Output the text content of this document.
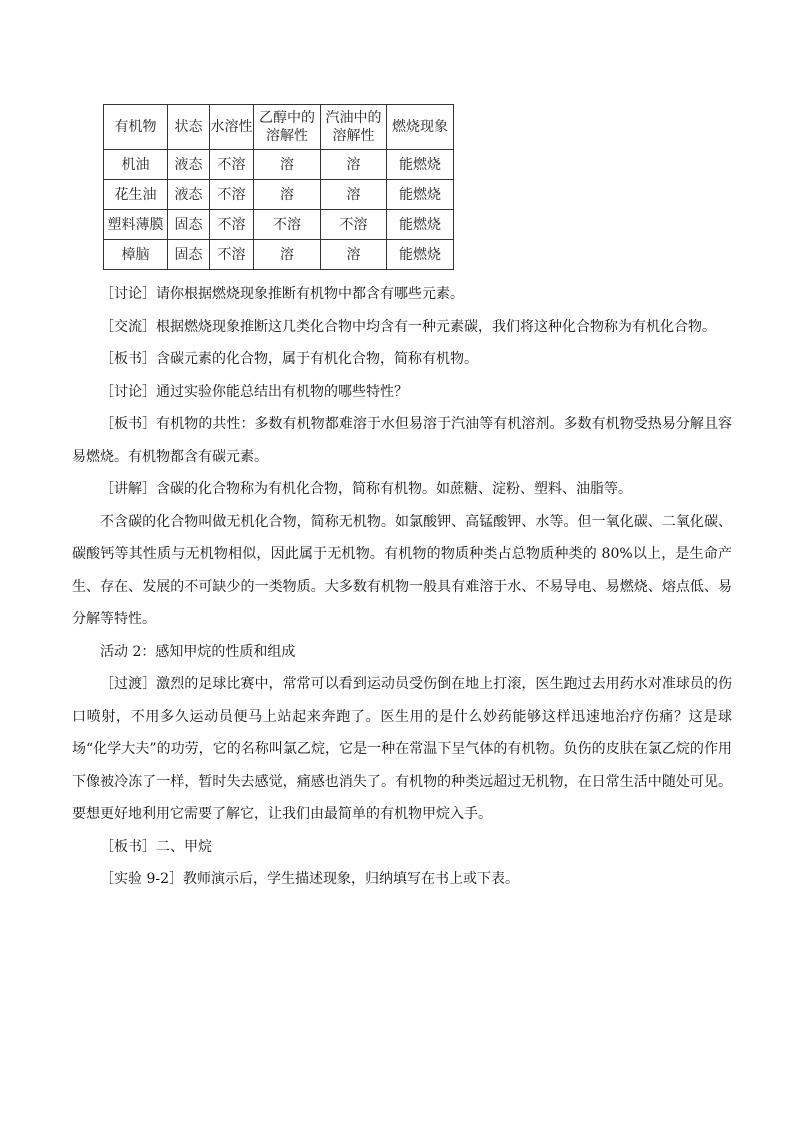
有机物	状态	水溶性	乙醇中的溶解性	汽油中的溶解性	燃烧现象
机油	液态	不溶	溶	溶	能燃烧
花生油	液态	不溶	溶	溶	能燃烧
塑料薄膜	固态	不溶	不溶	不溶	能燃烧
樟脑	固态	不溶	溶	溶	能燃烧

［讨论］请你根据燃烧现象推断有机物中都含有哪些元素。

［交流］根据燃烧现象推断这几类化合物中均含有一种元素碳，我们将这种化合物称为有机化合物。

［板书］含碳元素的化合物，属于有机化合物，简称有机物。

［讨论］通过实验你能总结出有机物的哪些特性？

［板书］有机物的共性：多数有机物都难溶于水但易溶于汽油等有机溶剂。多数有机物受热易分解且容易燃烧。有机物都含有碳元素。

［讲解］含碳的化合物称为有机化合物，简称有机物。如蔗糖、淀粉、塑料、油脂等。

不含碳的化合物叫做无机化合物，简称无机物。如氯酸钾、高锰酸钾、水等。但一氧化碳、二氧化碳、碳酸钙等其性质与无机物相似，因此属于无机物。有机物的物质种类占总物质种类的 80%以上，是生命产生、存在、发展的不可缺少的一类物质。大多数有机物一般具有难溶于水、不易导电、易燃烧、熔点低、易分解等特性。

活动 2：感知甲烷的性质和组成

［过渡］激烈的足球比赛中，常常可以看到运动员受伤倒在地上打滚，医生跑过去用药水对准球员的伤口喷射，不用多久运动员便马上站起来奔跑了。医生用的是什么妙药能够这样迅速地治疗伤痛？这是球场“化学大夫”的功劳，它的名称叫氯乙烷，它是一种在常温下呈气体的有机物。负伤的皮肤在氯乙烷的作用下像被冷冻了一样，暂时失去感觉，痛感也消失了。有机物的种类远超过无机物，在日常生活中随处可见。要想更好地利用它需要了解它，让我们由最简单的有机物甲烷入手。

［板书］二、甲烷

［实验 9-2］教师演示后，学生描述现象，归纳填写在书上或下表。
